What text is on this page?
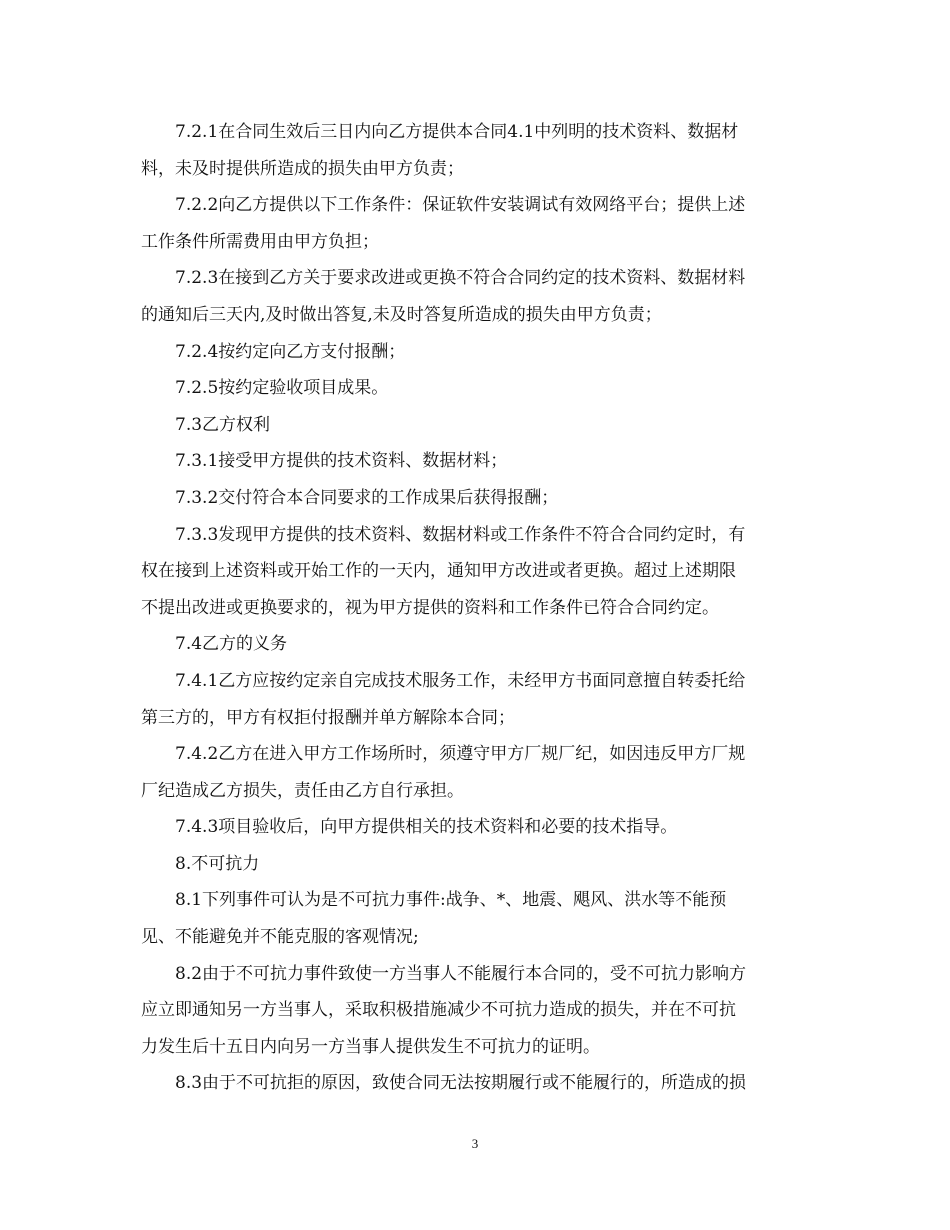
7.2.1在合同生效后三日内向乙方提供本合同4.1中列明的技术资料、数据材
料，未及时提供所造成的损失由甲方负责；
7.2.2向乙方提供以下工作条件：保证软件安装调试有效网络平台；提供上述
工作条件所需费用由甲方负担；
7.2.3在接到乙方关于要求改进或更换不符合合同约定的技术资料、数据材料
的通知后三天内,及时做出答复,未及时答复所造成的损失由甲方负责；
7.2.4按约定向乙方支付报酬；
7.2.5按约定验收项目成果。
7.3乙方权利
7.3.1接受甲方提供的技术资料、数据材料；
7.3.2交付符合本合同要求的工作成果后获得报酬；
7.3.3发现甲方提供的技术资料、数据材料或工作条件不符合合同约定时，有
权在接到上述资料或开始工作的一天内，通知甲方改进或者更换。超过上述期限
不提出改进或更换要求的，视为甲方提供的资料和工作条件已符合合同约定。
7.4乙方的义务
7.4.1乙方应按约定亲自完成技术服务工作，未经甲方书面同意擅自转委托给
第三方的，甲方有权拒付报酬并单方解除本合同；
7.4.2乙方在进入甲方工作场所时，须遵守甲方厂规厂纪，如因违反甲方厂规
厂纪造成乙方损失，责任由乙方自行承担。
7.4.3项目验收后，向甲方提供相关的技术资料和必要的技术指导。
8.不可抗力
8.1下列事件可认为是不可抗力事件:战争、*、地震、飓风、洪水等不能预
见、不能避免并不能克服的客观情况;
8.2由于不可抗力事件致使一方当事人不能履行本合同的，受不可抗力影响方
应立即通知另一方当事人，采取积极措施减少不可抗力造成的损失，并在不可抗
力发生后十五日内向另一方当事人提供发生不可抗力的证明。
8.3由于不可抗拒的原因，致使合同无法按期履行或不能履行的，所造成的损
3
